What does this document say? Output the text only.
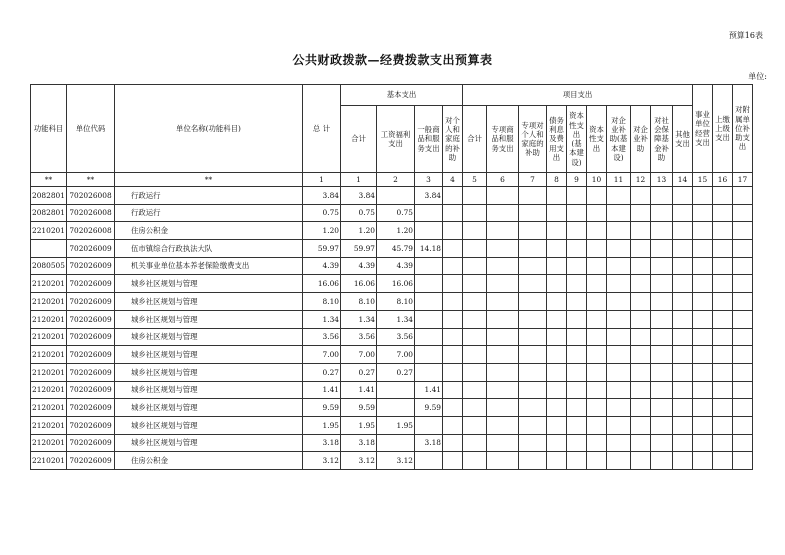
预算16表
公共财政拨款—经费拨款支出预算表
单位:
功能科目	单位代码	单位名称(功能科目)	总 计	基本支出				项目支出										事业单位经营支出	上缴上级支出	对附属单位补助支出
				合计	工资福利支出	一般商品和服务支出	对个人和家庭的补助	合计	专项商品和服务支出	专项对个人和家庭的补助	债务利息及费用支出	资本性支出(基本建设)	资本性支出	对企业补助(基本建设)	对企业补助	对社会保障基金补助	其他支出			
**	**	**	1	1	2	3	4	5	6	7	8	9	10	11	12	13	14	15	16	17
2082801	702026008	行政运行	3.84	3.84		3.84														
2082801	702026008	行政运行	0.75	0.75	0.75															
2210201	702026008	住房公积金	1.20	1.20	1.20															
	702026009	伍市镇综合行政执法大队	59.97	59.97	45.79	14.18														
2080505	702026009	机关事业单位基本养老保险缴费支出	4.39	4.39	4.39															
2120201	702026009	城乡社区规划与管理	16.06	16.06	16.06															
2120201	702026009	城乡社区规划与管理	8.10	8.10	8.10															
2120201	702026009	城乡社区规划与管理	1.34	1.34	1.34															
2120201	702026009	城乡社区规划与管理	3.56	3.56	3.56															
2120201	702026009	城乡社区规划与管理	7.00	7.00	7.00															
2120201	702026009	城乡社区规划与管理	0.27	0.27	0.27															
2120201	702026009	城乡社区规划与管理	1.41	1.41		1.41														
2120201	702026009	城乡社区规划与管理	9.59	9.59		9.59														
2120201	702026009	城乡社区规划与管理	1.95	1.95	1.95															
2120201	702026009	城乡社区规划与管理	3.18	3.18		3.18														
2210201	702026009	住房公积金	3.12	3.12	3.12															
